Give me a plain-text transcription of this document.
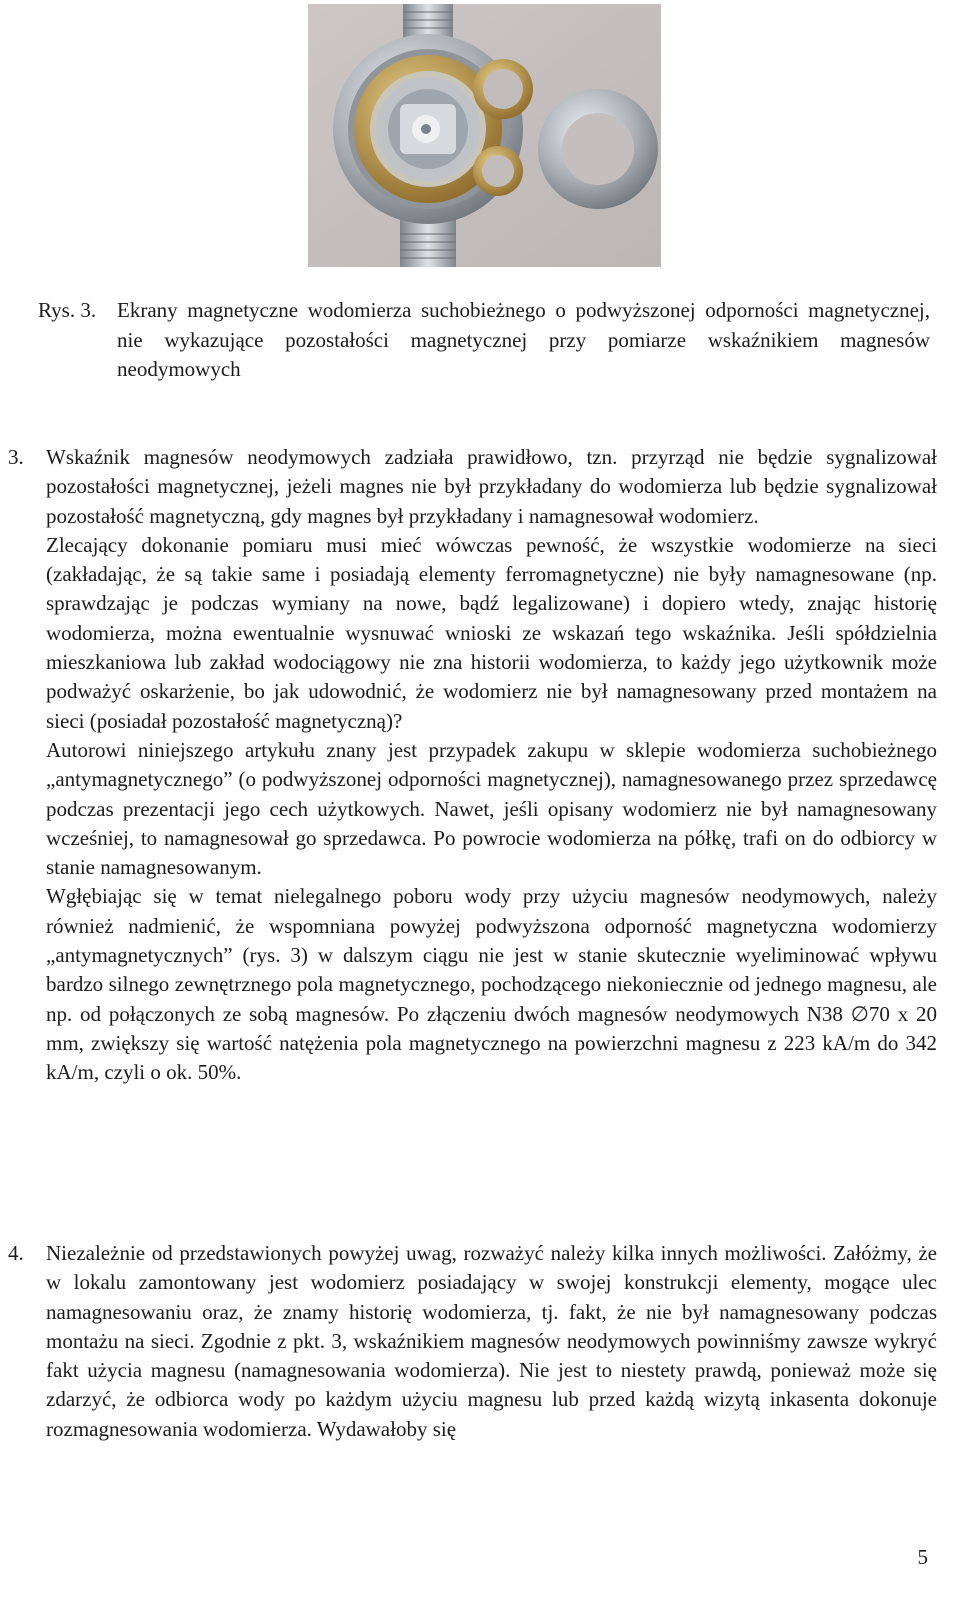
Rys. 3. Ekrany magnetyczne wodomierza suchobieżnego o podwyższonej odporności magnetycznej, nie wykazujące pozostałości magnetycznej przy pomiarze wskaźnikiem magnesów neodymowych
3. Wskaźnik magnesów neodymowych zadziała prawidłowo, tzn. przyrząd nie będzie sygnalizował pozostałości magnetycznej, jeżeli magnes nie był przykładany do wodomierza lub będzie sygnalizował pozostałość magnetyczną, gdy magnes był przykładany i namagnesował wodomierz.

Zlecający dokonanie pomiaru musi mieć wówczas pewność, że wszystkie wodomierze na sieci (zakładając, że są takie same i posiadają elementy ferromagnetyczne) nie były namagnesowane (np. sprawdzając je podczas wymiany na nowe, bądź legalizowane) i dopiero wtedy, znając historię wodomierza, można ewentualnie wysnuwać wnioski ze wskazań tego wskaźnika. Jeśli spółdzielnia mieszkaniowa lub zakład wodociągowy nie zna historii wodomierza, to każdy jego użytkownik może podważyć oskarżenie, bo jak udowodnić, że wodomierz nie był namagnesowany przed montażem na sieci (posiadał pozostałość magnetyczną)?

Autorowi niniejszego artykułu znany jest przypadek zakupu w sklepie wodomierza suchobieżnego „antymagnetycznego” (o podwyższonej odporności magnetycznej), namagnesowanego przez sprzedawcę podczas prezentacji jego cech użytkowych. Nawet, jeśli opisany wodomierz nie był namagnesowany wcześniej, to namagnesował go sprzedawca. Po powrocie wodomierza na półkę, trafi on do odbiorcy w stanie namagnesowanym.

Wgłębiając się w temat nielegalnego poboru wody przy użyciu magnesów neodymowych, należy również nadmienić, że wspomniana powyżej podwyższona odporność magnetyczna wodomierzy „antymagnetycznych” (rys. 3) w dalszym ciągu nie jest w stanie skutecznie wyeliminować wpływu bardzo silnego zewnętrznego pola magnetycznego, pochodzącego niekoniecznie od jednego magnesu, ale np. od połączonych ze sobą magnesów. Po złączeniu dwóch magnesów neodymowych N38 ∅70 x 20 mm, zwiększy się wartość natężenia pola magnetycznego na powierzchni magnesu z 223 kA/m do 342 kA/m, czyli o ok. 50%.

4. Niezależnie od przedstawionych powyżej uwag, rozważyć należy kilka innych możliwości. Załóżmy, że w lokalu zamontowany jest wodomierz posiadający w swojej konstrukcji elementy, mogące ulec namagnesowaniu oraz, że znamy historię wodomierza, tj. fakt, że nie był namagnesowany podczas montażu na sieci. Zgodnie z pkt. 3, wskaźnikiem magnesów neodymowych powinniśmy zawsze wykryć fakt użycia magnesu (namagnesowania wodomierza). Nie jest to niestety prawdą, ponieważ może się zdarzyć, że odbiorca wody po każdym użyciu magnesu lub przed każdą wizytą inkasenta dokonuje rozmagnesowania wodomierza. Wydawałoby się

5
